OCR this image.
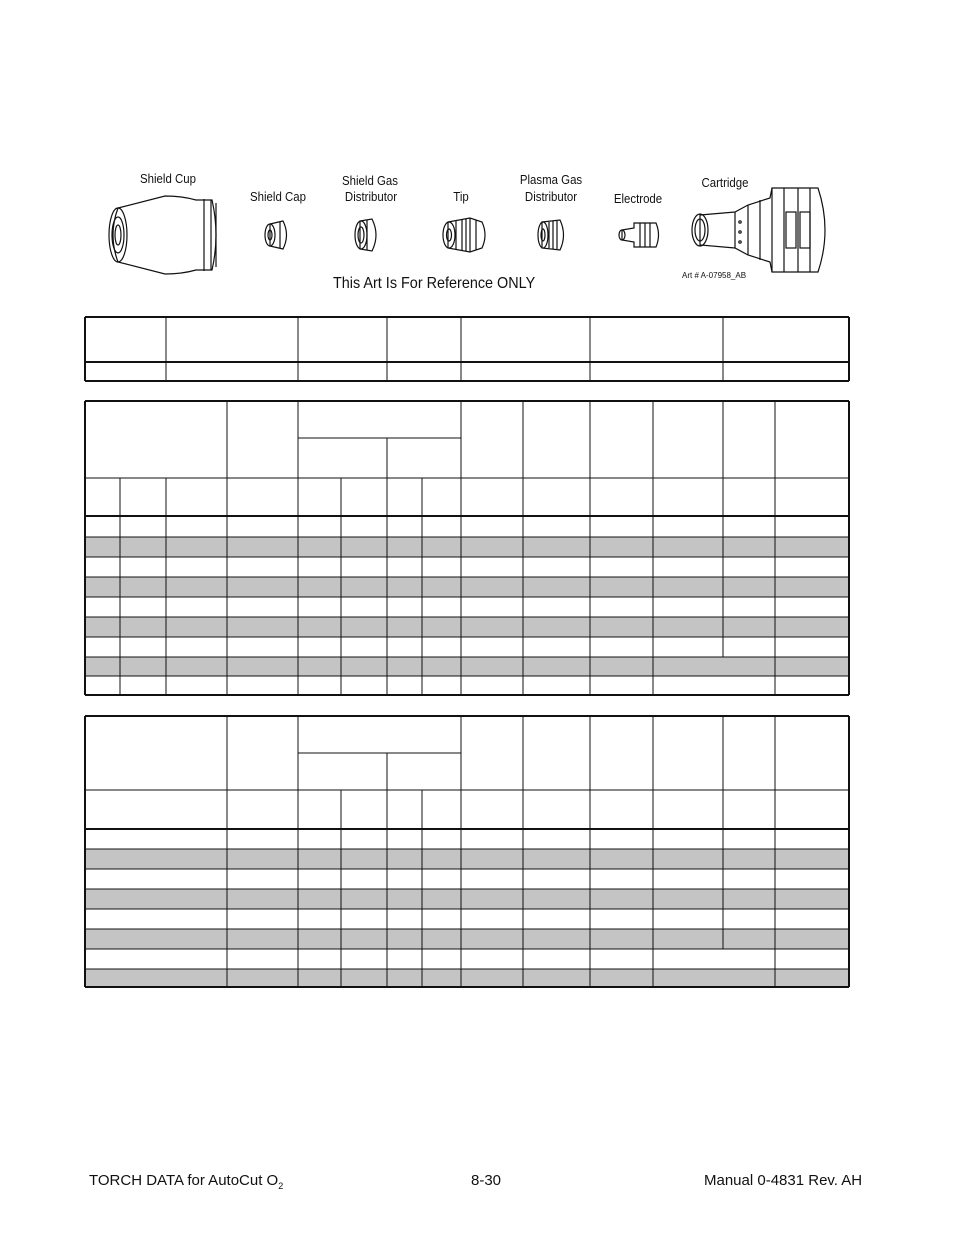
Shield Cup
Shield Cap
Shield Gas
Distributor	Tip
Plasma Gas
Distributor	Electrode
Cartridge
This Art Is For Reference ONLY	Art # A-07958_AB
TORCH DATA for AutoCut $O_2$	8-30	Manual 0-4831 Rev. AH
